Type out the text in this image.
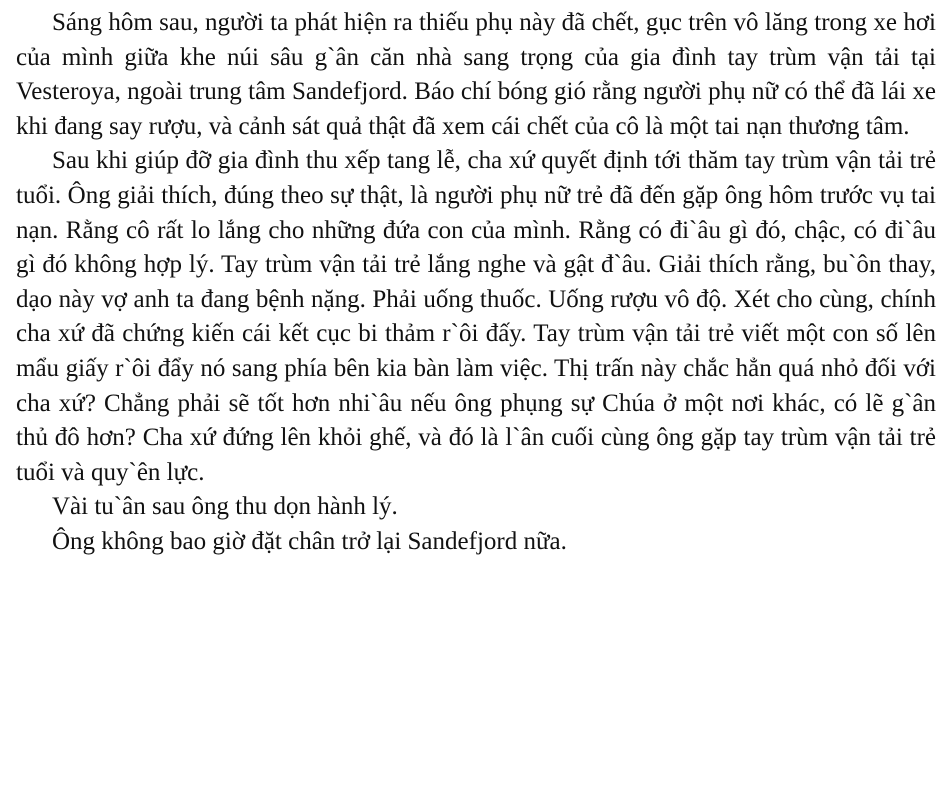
Sáng hôm sau, người ta phát hiện ra thiếu phụ này đã chết, gục trên vô lăng trong xe hơi của mình giữa khe núi sâu g`ân căn nhà sang trọng của gia đình tay trùm vận tải tại Vesteroya, ngoài trung tâm Sandefjord. Báo chí bóng gió rằng người phụ nữ có thể đã lái xe khi đang say rượu, và cảnh sát quả thật đã xem cái chết của cô là một tai nạn thương tâm.

Sau khi giúp đỡ gia đình thu xếp tang lễ, cha xứ quyết định tới thăm tay trùm vận tải trẻ tuổi. Ông giải thích, đúng theo sự thật, là người phụ nữ trẻ đã đến gặp ông hôm trước vụ tai nạn. Rằng cô rất lo lắng cho những đứa con của mình. Rằng có đi`âu gì đó, chậc, có đi`âu gì đó không hợp lý. Tay trùm vận tải trẻ lắng nghe và gật đ`âu. Giải thích rằng, bu`ôn thay, dạo này vợ anh ta đang bệnh nặng. Phải uống thuốc. Uống rượu vô độ. Xét cho cùng, chính cha xứ đã chứng kiến cái kết cục bi thảm r`ôi đấy. Tay trùm vận tải trẻ viết một con số lên mẩu giấy r`ôi đẩy nó sang phía bên kia bàn làm việc. Thị trấn này chắc hẳn quá nhỏ đối với cha xứ? Chẳng phải sẽ tốt hơn nhi`âu nếu ông phụng sự Chúa ở một nơi khác, có lẽ g`ân thủ đô hơn? Cha xứ đứng lên khỏi ghế, và đó là l`ân cuối cùng ông gặp tay trùm vận tải trẻ tuổi và quy`ên lực.

Vài tu`ân sau ông thu dọn hành lý.

Ông không bao giờ đặt chân trở lại Sandefjord nữa.
